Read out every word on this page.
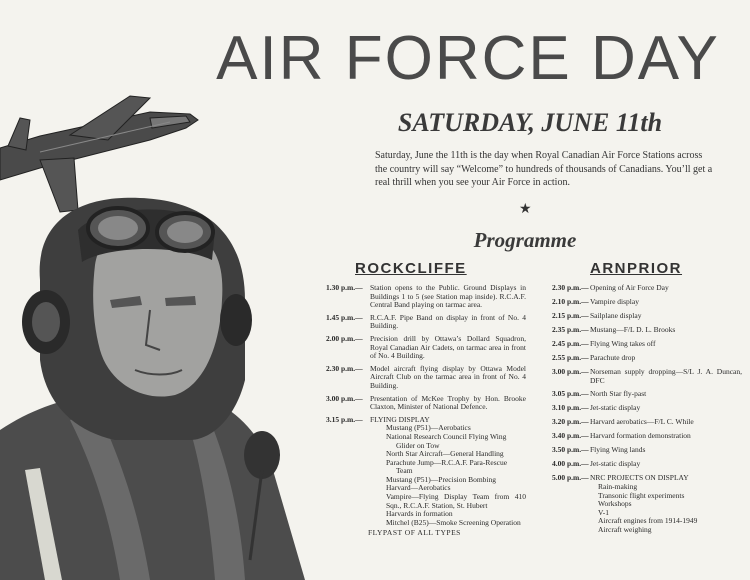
AIR FORCE DAY
SATURDAY, JUNE 11th

Saturday, June the 11th is the day when Royal Canadian Air Force Stations across the country will say “Welcome” to hundreds of thousands of Canadians. You’ll get a real thrill when you see your Air Force in action.

★
Programme
ROCKCLIFFE	ARNPRIOR
1.30 p.m.— Station opens to the Public. Ground Displays in Buildings 1 to 5 (see Station map inside). R.C.A.F. Central Band playing on tarmac area.
1.45 p.m.— R.C.A.F. Pipe Band on display in front of No. 4 Building.
2.00 p.m.— Precision drill by Ottawa’s Dollard Squadron, Royal Canadian Air Cadets, on tarmac area in front of No. 4 Building.
2.30 p.m.— Model aircraft flying display by Ottawa Model Aircraft Club on the tarmac area in front of No. 4 Building.
3.00 p.m.— Presentation of McKee Trophy by Hon. Brooke Claxton, Minister of National Defence.
3.15 p.m.— FLYING DISPLAY
Mustang (P51)—Aerobatics
National Research Council Flying Wing
Glider on Tow
North Star Aircraft—General Handling
Parachute Jump—R.C.A.F. Para-Rescue
Team
Mustang (P51)—Precision Bombing
Harvard—Aerobatics
Vampire—Flying Display Team from 410 Sqn., R.C.A.F. Station, St. Hubert
Harvards in formation
Mitchel (B25)—Smoke Screening Operation
FLYPAST OF ALL TYPES
2.30 p.m.— Opening of Air Force Day
2.10 p.m.— Vampire display
2.15 p.m.— Sailplane display
2.35 p.m.— Mustang—F/L D. L. Brooks
2.45 p.m.— Flying Wing takes off
2.55 p.m.— Parachute drop
3.00 p.m.— Norseman supply dropping—S/L J. A. Duncan, DFC
3.05 p.m.— North Star fly-past
3.10 p.m.— Jet-static display
3.20 p.m.— Harvard aerobatics—F/L C. While
3.40 p.m.— Harvard formation demonstration
3.50 p.m.— Flying Wing lands
4.00 p.m.— Jet-static display
5.00 p.m.— NRC PROJECTS ON DISPLAY
Rain-making
Transonic flight experiments
Workshops
V-1
Aircraft engines from 1914-1949
Aircraft weighing
